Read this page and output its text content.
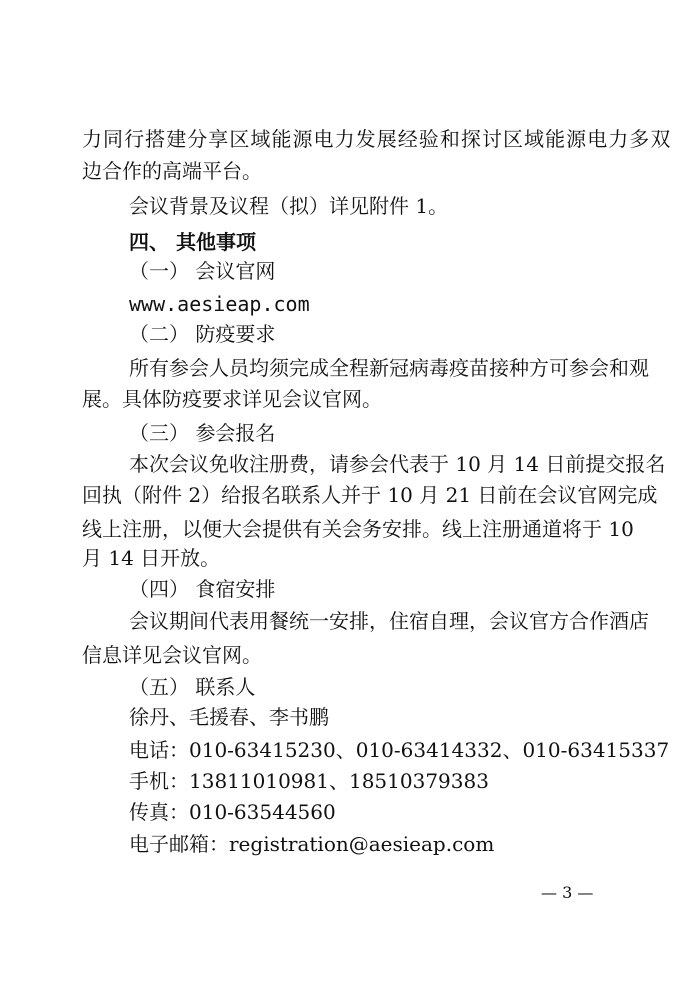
力同行搭建分享区域能源电力发展经验和探讨区域能源电力多双
边合作的高端平台。
会议背景及议程（拟）详见附件 1。
四、 其他事项
（一） 会议官网
www.aesieap.com
（二） 防疫要求
所有参会人员均须完成全程新冠病毒疫苗接种方可参会和观
展。具体防疫要求详见会议官网。
（三） 参会报名
本次会议免收注册费，请参会代表于 10 月 14 日前提交报名
回执（附件 2）给报名联系人并于 10 月 21 日前在会议官网完成
线上注册，以便大会提供有关会务安排。线上注册通道将于 10
月 14 日开放。
（四） 食宿安排
会议期间代表用餐统一安排，住宿自理，会议官方合作酒店
信息详见会议官网。
（五） 联系人
徐丹、毛援春、李书鹏
电话：010-63415230、010-63414332、010-63415337
手机：13811010981、18510379383
传真：010-63544560
电子邮箱：registration@aesieap.com
— 3 —
